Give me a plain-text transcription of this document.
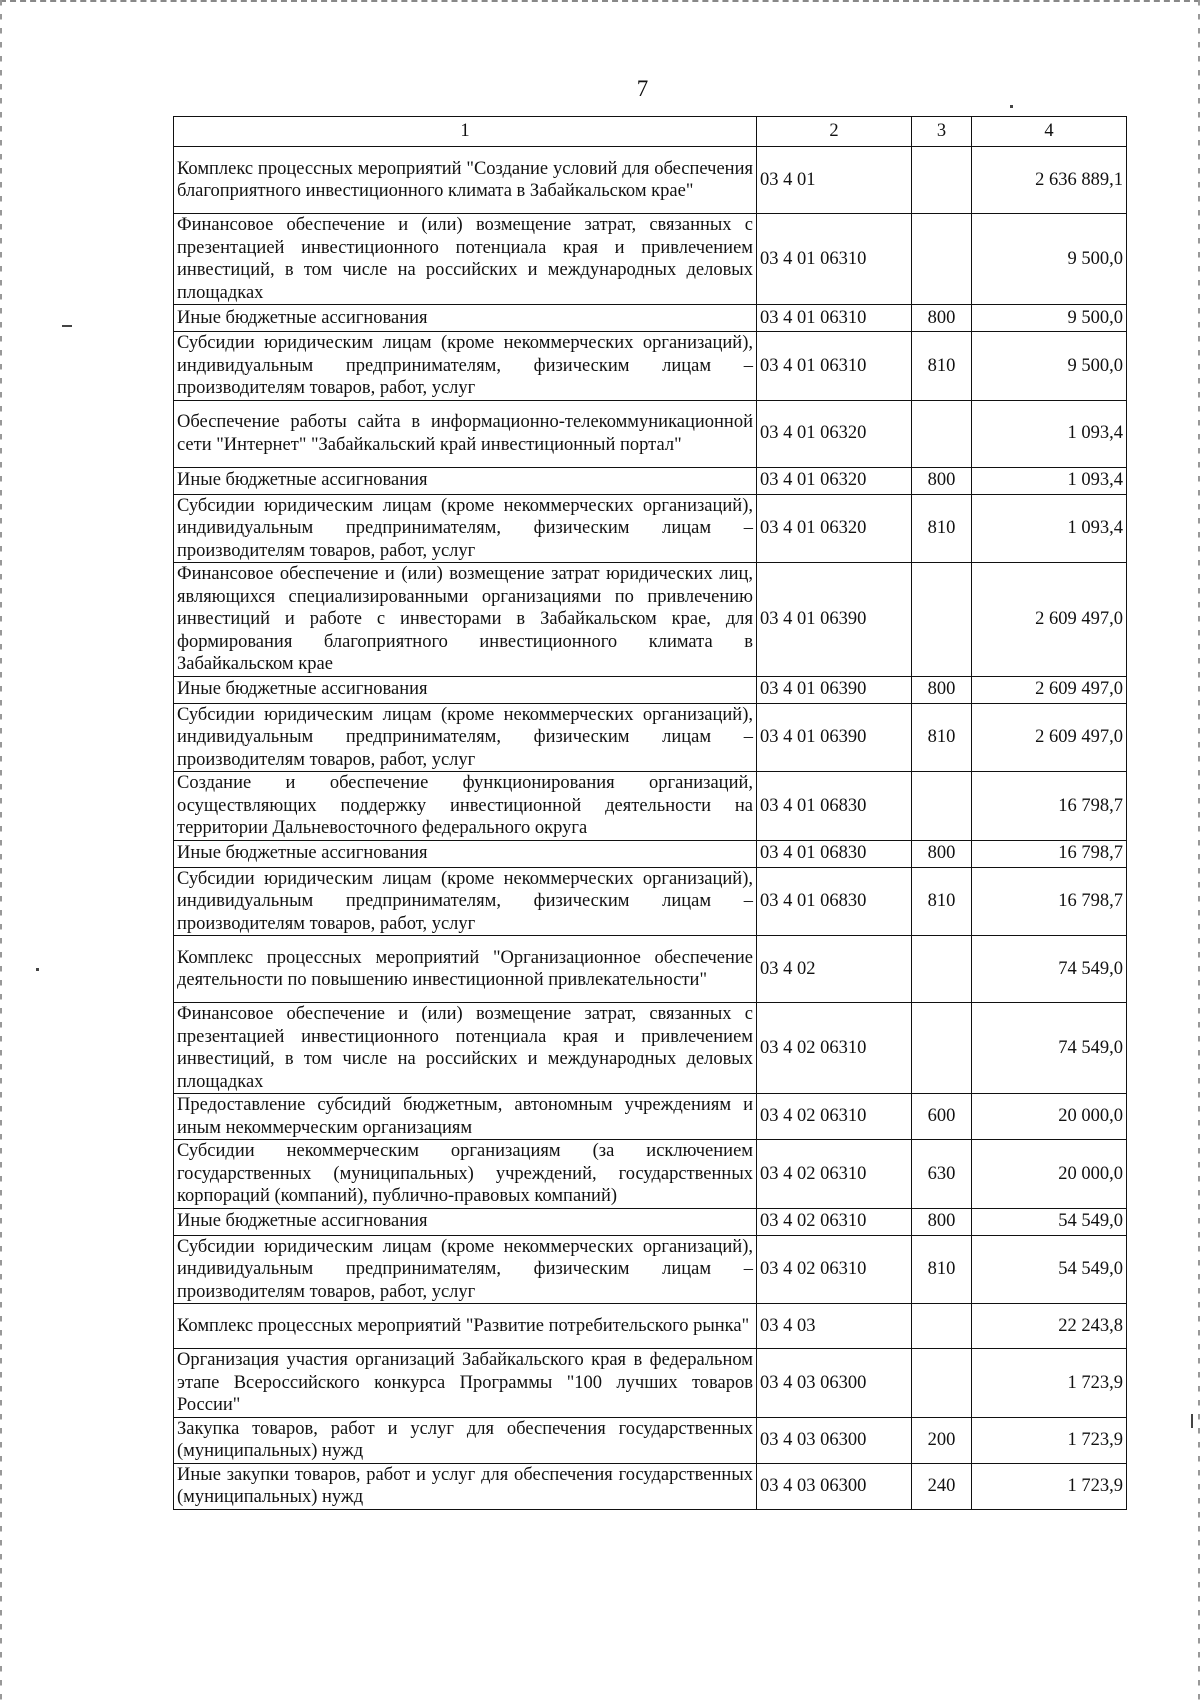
7
1	2	3	4
Комплекс процессных мероприятий "Создание условий для обеспечения благоприятного инвестиционного климата в Забайкальском крае"	03 4 01		2 636 889,1
Финансовое обеспечение и (или) возмещение затрат, связанных с презентацией инвестиционного потенциала края и привлечением инвестиций, в том числе на российских и международных деловых площадках	03 4 01 06310		9 500,0
Иные бюджетные ассигнования	03 4 01 06310	800	9 500,0
Субсидии юридическим лицам (кроме некоммерческих организаций), индивидуальным предпринимателям, физическим лицам – производителям товаров, работ, услуг	03 4 01 06310	810	9 500,0
Обеспечение работы сайта в информационно-телекоммуникационной сети "Интернет" "Забайкальский край инвестиционный портал"	03 4 01 06320		1 093,4
Иные бюджетные ассигнования	03 4 01 06320	800	1 093,4
Субсидии юридическим лицам (кроме некоммерческих организаций), индивидуальным предпринимателям, физическим лицам – производителям товаров, работ, услуг	03 4 01 06320	810	1 093,4
Финансовое обеспечение и (или) возмещение затрат юридических лиц, являющихся специализированными организациями по привлечению инвестиций и работе с инвесторами в Забайкальском крае, для формирования благоприятного инвестиционного климата в Забайкальском крае	03 4 01 06390		2 609 497,0
Иные бюджетные ассигнования	03 4 01 06390	800	2 609 497,0
Субсидии юридическим лицам (кроме некоммерческих организаций), индивидуальным предпринимателям, физическим лицам – производителям товаров, работ, услуг	03 4 01 06390	810	2 609 497,0
Создание и обеспечение функционирования организаций, осуществляющих поддержку инвестиционной деятельности на территории Дальневосточного федерального округа	03 4 01 06830		16 798,7
Иные бюджетные ассигнования	03 4 01 06830	800	16 798,7
Субсидии юридическим лицам (кроме некоммерческих организаций), индивидуальным предпринимателям, физическим лицам – производителям товаров, работ, услуг	03 4 01 06830	810	16 798,7
Комплекс процессных мероприятий "Организационное обеспечение деятельности по повышению инвестиционной привлекательности"	03 4 02		74 549,0
Финансовое обеспечение и (или) возмещение затрат, связанных с презентацией инвестиционного потенциала края и привлечением инвестиций, в том числе на российских и международных деловых площадках	03 4 02 06310		74 549,0
Предоставление субсидий бюджетным, автономным учреждениям и иным некоммерческим организациям	03 4 02 06310	600	20 000,0
Субсидии некоммерческим организациям (за исключением государственных (муниципальных) учреждений, государственных корпораций (компаний), публично-правовых компаний)	03 4 02 06310	630	20 000,0
Иные бюджетные ассигнования	03 4 02 06310	800	54 549,0
Субсидии юридическим лицам (кроме некоммерческих организаций), индивидуальным предпринимателям, физическим лицам – производителям товаров, работ, услуг	03 4 02 06310	810	54 549,0
Комплекс процессных мероприятий "Развитие потребительского рынка"	03 4 03		22 243,8
Организация участия организаций Забайкальского края в федеральном этапе Всероссийского конкурса Программы "100 лучших товаров России"	03 4 03 06300		1 723,9
Закупка товаров, работ и услуг для обеспечения государственных (муниципальных) нужд	03 4 03 06300	200	1 723,9
Иные закупки товаров, работ и услуг для обеспечения государственных (муниципальных) нужд	03 4 03 06300	240	1 723,9
